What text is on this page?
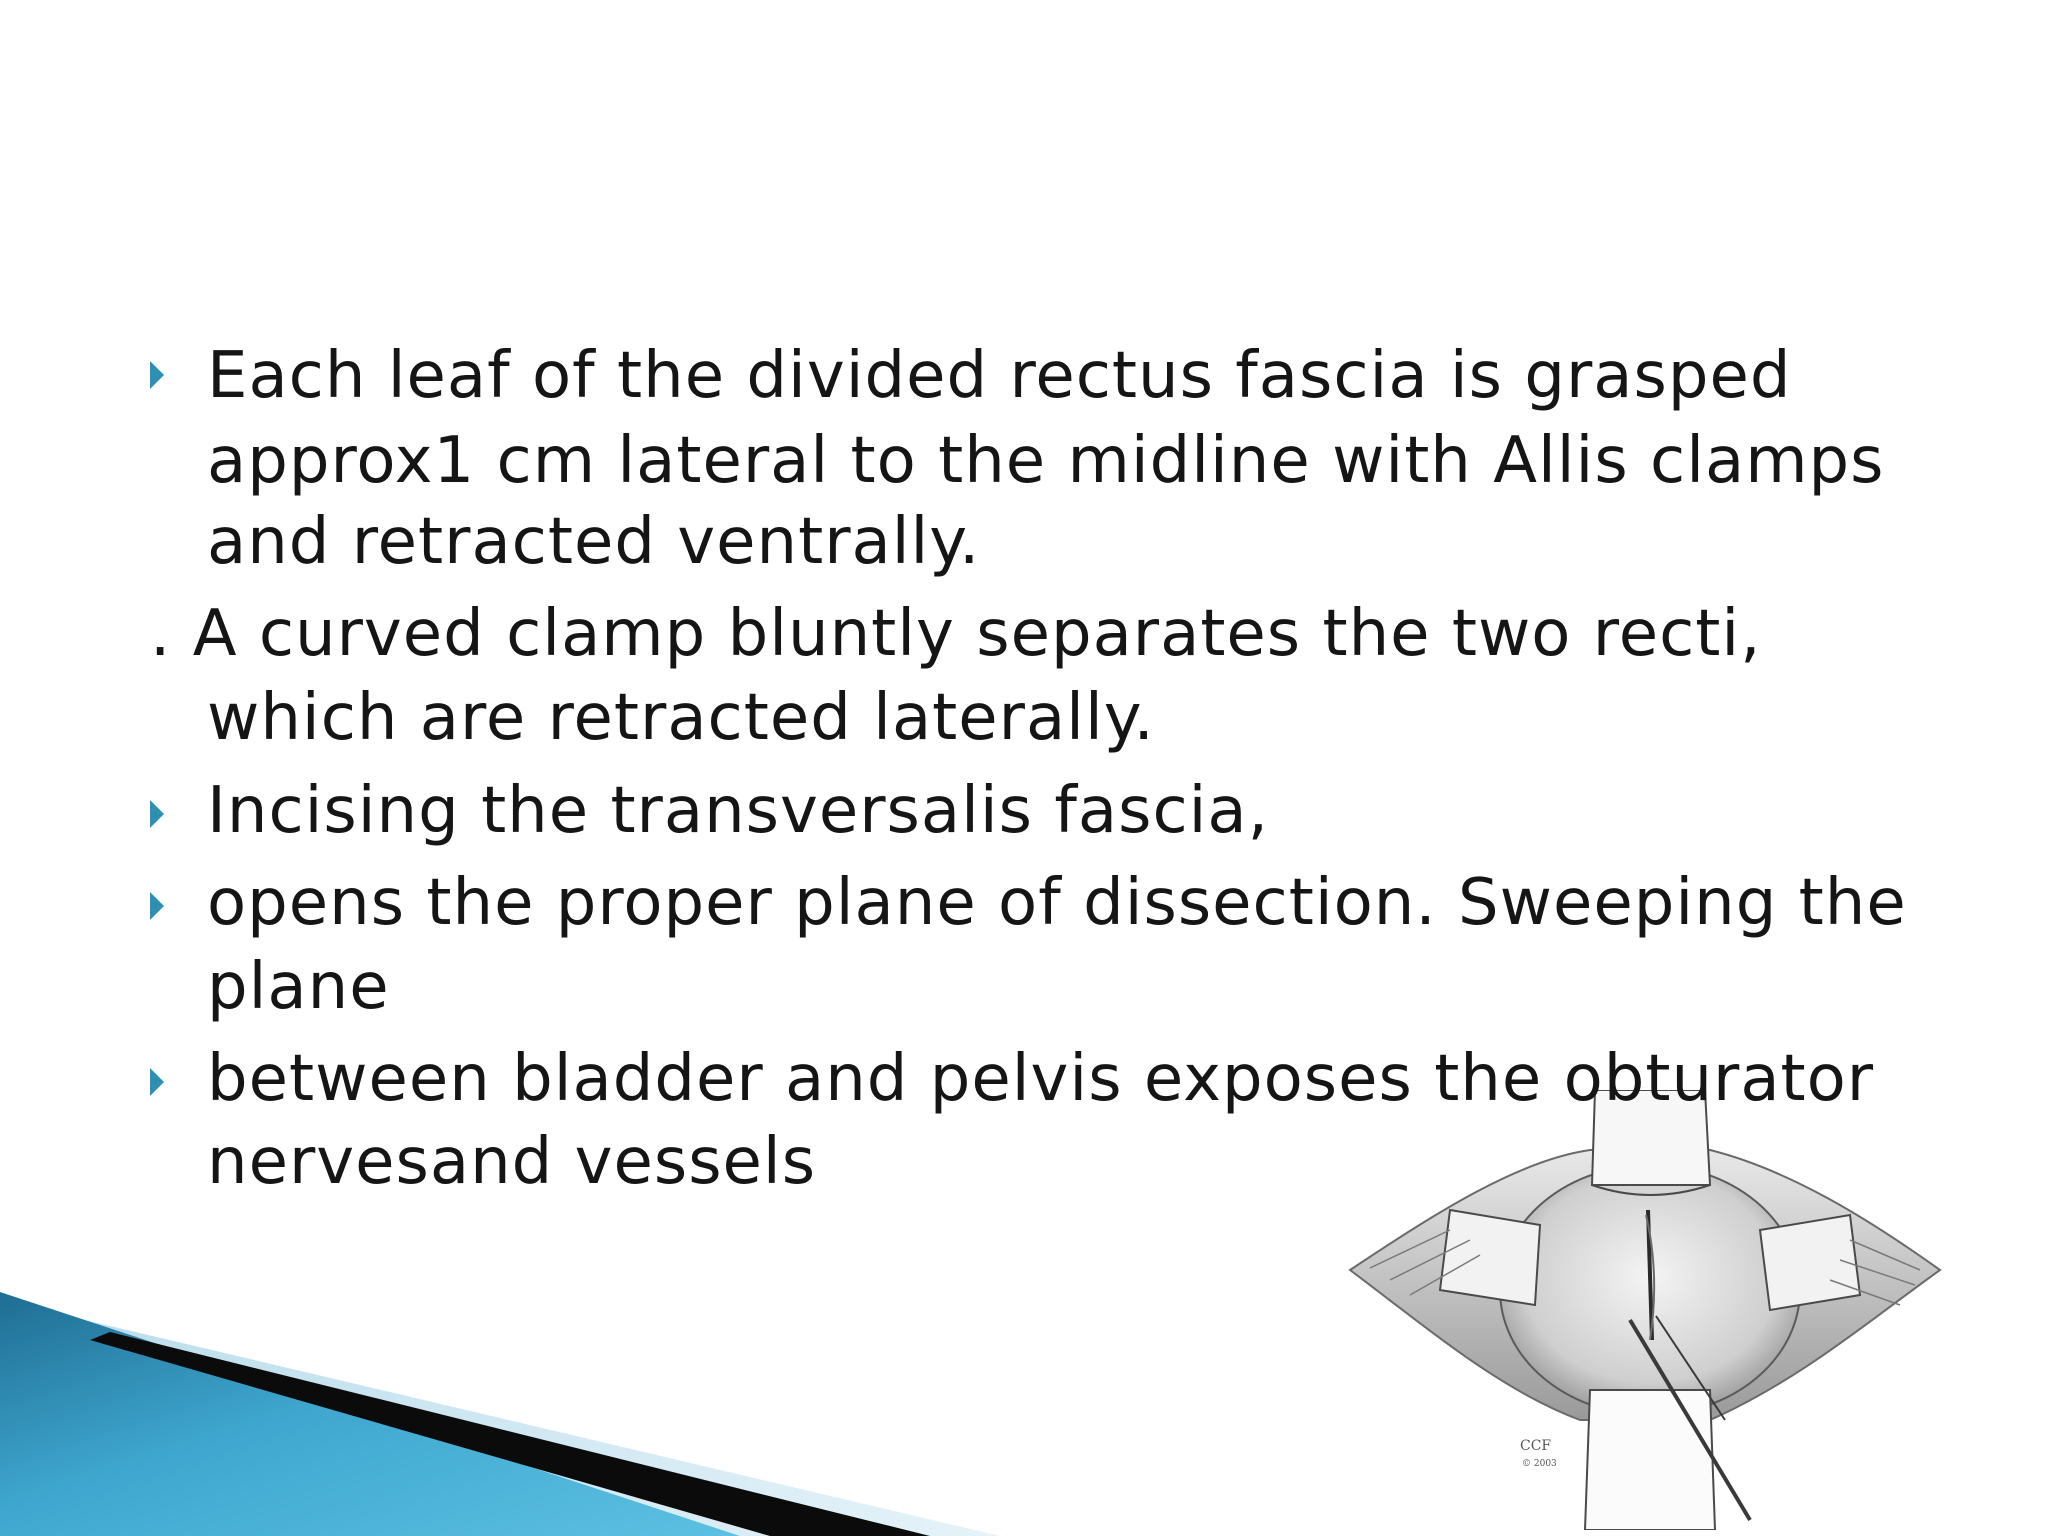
CCF
© 2003
Each leaf of the divided rectus fascia is grasped
approx1 cm lateral to the midline with Allis clamps
and retracted ventrally.
. A curved clamp bluntly separates the two recti,
which are retracted laterally.
Incising the transversalis fascia,
opens the proper plane of dissection. Sweeping the
plane
between bladder and pelvis exposes the obturator
nervesand vessels
